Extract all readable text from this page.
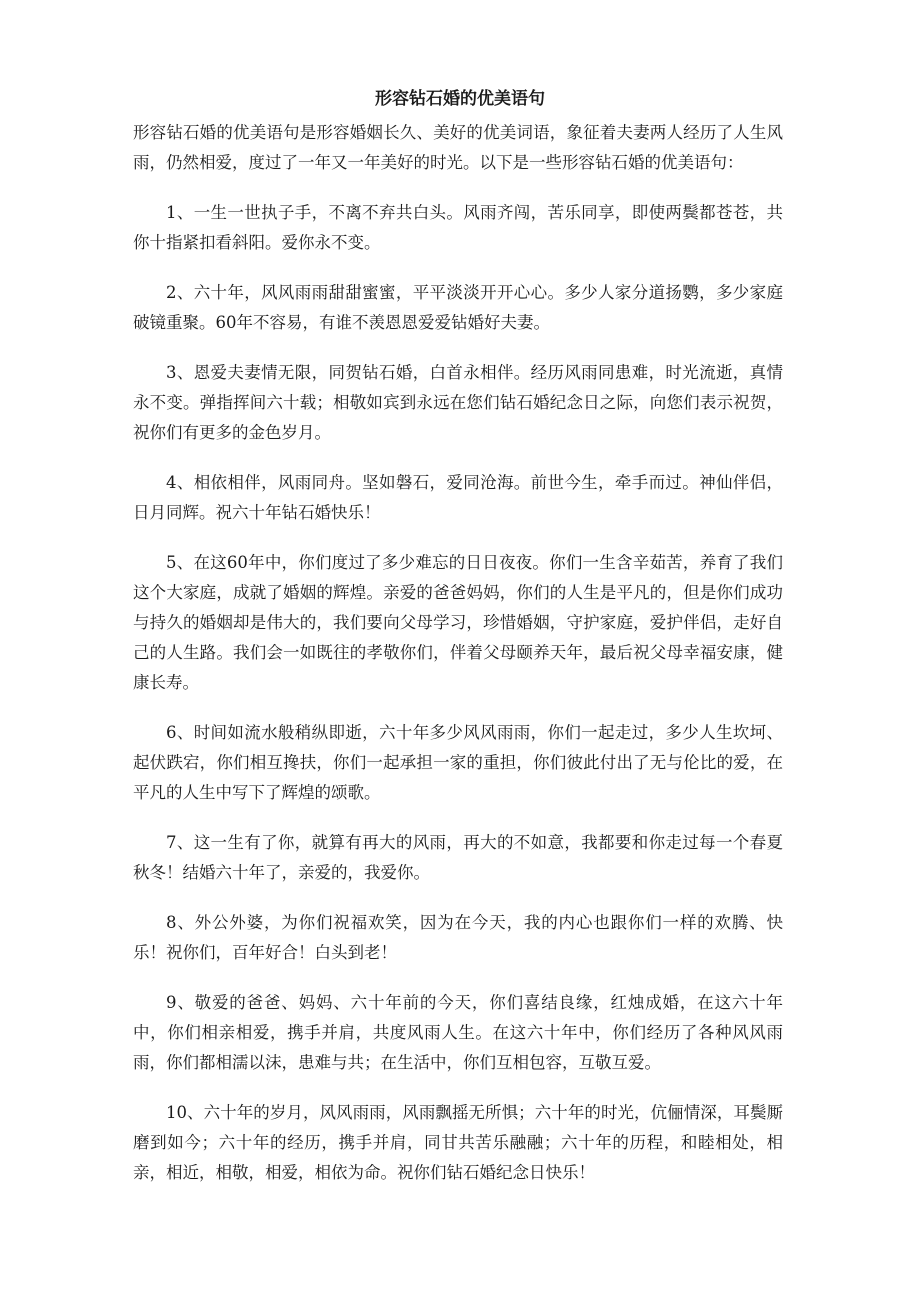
形容钻石婚的优美语句

形容钻石婚的优美语句是形容婚姻长久、美好的优美词语，象征着夫妻两人经历了人生风雨，仍然相爱，度过了一年又一年美好的时光。以下是一些形容钻石婚的优美语句：

1、一生一世执子手，不离不弃共白头。风雨齐闯，苦乐同享，即使两鬓都苍苍，共你十指紧扣看斜阳。爱你永不变。

2、六十年，风风雨雨甜甜蜜蜜，平平淡淡开开心心。多少人家分道扬鹦，多少家庭破镜重聚。60年不容易，有谁不羡恩恩爱爱钻婚好夫妻。

3、恩爱夫妻情无限，同贺钻石婚，白首永相伴。经历风雨同患难，时光流逝，真情永不变。弹指挥间六十载；相敬如宾到永远在您们钻石婚纪念日之际，向您们表示祝贺，祝你们有更多的金色岁月。

4、相依相伴，风雨同舟。坚如磐石，爱同沧海。前世今生，牵手而过。神仙伴侣，日月同辉。祝六十年钻石婚快乐！

5、在这60年中，你们度过了多少难忘的日日夜夜。你们一生含辛茹苦，养育了我们这个大家庭，成就了婚姻的辉煌。亲爱的爸爸妈妈，你们的人生是平凡的，但是你们成功与持久的婚姻却是伟大的，我们要向父母学习，珍惜婚姻，守护家庭，爱护伴侣，走好自己的人生路。我们会一如既往的孝敬你们，伴着父母颐养天年，最后祝父母幸福安康，健康长寿。

6、时间如流水般稍纵即逝，六十年多少风风雨雨，你们一起走过，多少人生坎坷、起伏跌宕，你们相互搀扶，你们一起承担一家的重担，你们彼此付出了无与伦比的爱，在平凡的人生中写下了辉煌的颂歌。

7、这一生有了你，就算有再大的风雨，再大的不如意，我都要和你走过每一个春夏秋冬！结婚六十年了，亲爱的，我爱你。

8、外公外婆，为你们祝福欢笑，因为在今天，我的内心也跟你们一样的欢腾、快乐！祝你们，百年好合！白头到老！

9、敬爱的爸爸、妈妈、六十年前的今天，你们喜结良缘，红烛成婚，在这六十年中，你们相亲相爱，携手并肩，共度风雨人生。在这六十年中，你们经历了各种风风雨雨，你们都相濡以沫，患难与共；在生活中，你们互相包容，互敬互爱。

10、六十年的岁月，风风雨雨，风雨飘摇无所惧；六十年的时光，伉俪情深，耳鬓厮磨到如今；六十年的经历，携手并肩，同甘共苦乐融融；六十年的历程，和睦相处，相亲，相近，相敬，相爱，相依为命。祝你们钻石婚纪念日快乐！
